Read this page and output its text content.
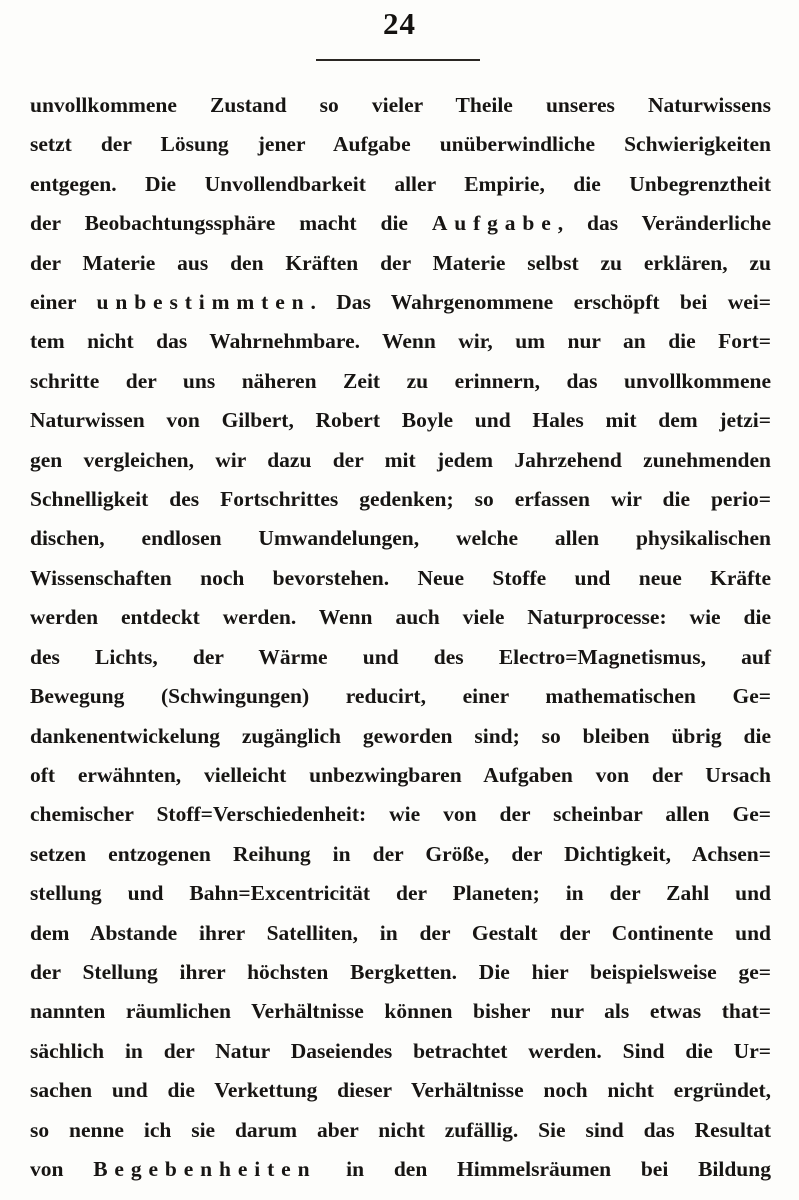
24
unvollkommene Zustand so vieler Theile unseres Naturwissens
setzt der Lösung jener Aufgabe unüberwindliche Schwierigkeiten
entgegen. Die Unvollendbarkeit aller Empirie, die Unbegrenztheit
der Beobachtungssphäre macht die Aufgabe, das Veränderliche
der Materie aus den Kräften der Materie selbst zu erklären, zu
einer unbestimmten. Das Wahrgenommene erschöpft bei wei=
tem nicht das Wahrnehmbare. Wenn wir, um nur an die Fort=
schritte der uns näheren Zeit zu erinnern, das unvollkommene
Naturwissen von Gilbert, Robert Boyle und Hales mit dem jetzi=
gen vergleichen, wir dazu der mit jedem Jahrzehend zunehmenden
Schnelligkeit des Fortschrittes gedenken; so erfassen wir die perio=
dischen, endlosen Umwandelungen, welche allen physikalischen
Wissenschaften noch bevorstehen. Neue Stoffe und neue Kräfte
werden entdeckt werden. Wenn auch viele Naturprocesse: wie die
des Lichts, der Wärme und des Electro=Magnetismus, auf
Bewegung (Schwingungen) reducirt, einer mathematischen Ge=
dankenentwickelung zugänglich geworden sind; so bleiben übrig die
oft erwähnten, vielleicht unbezwingbaren Aufgaben von der Ursach
chemischer Stoff=Verschiedenheit: wie von der scheinbar allen Ge=
setzen entzogenen Reihung in der Größe, der Dichtigkeit, Achsen=
stellung und Bahn=Excentricität der Planeten; in der Zahl und
dem Abstande ihrer Satelliten, in der Gestalt der Continente und
der Stellung ihrer höchsten Bergketten. Die hier beispielsweise ge=
nannten räumlichen Verhältnisse können bisher nur als etwas that=
sächlich in der Natur Daseiendes betrachtet werden. Sind die Ur=
sachen und die Verkettung dieser Verhältnisse noch nicht ergründet,
so nenne ich sie darum aber nicht zufällig. Sie sind das Resultat
von Begebenheiten in den Himmelsräumen bei Bildung
